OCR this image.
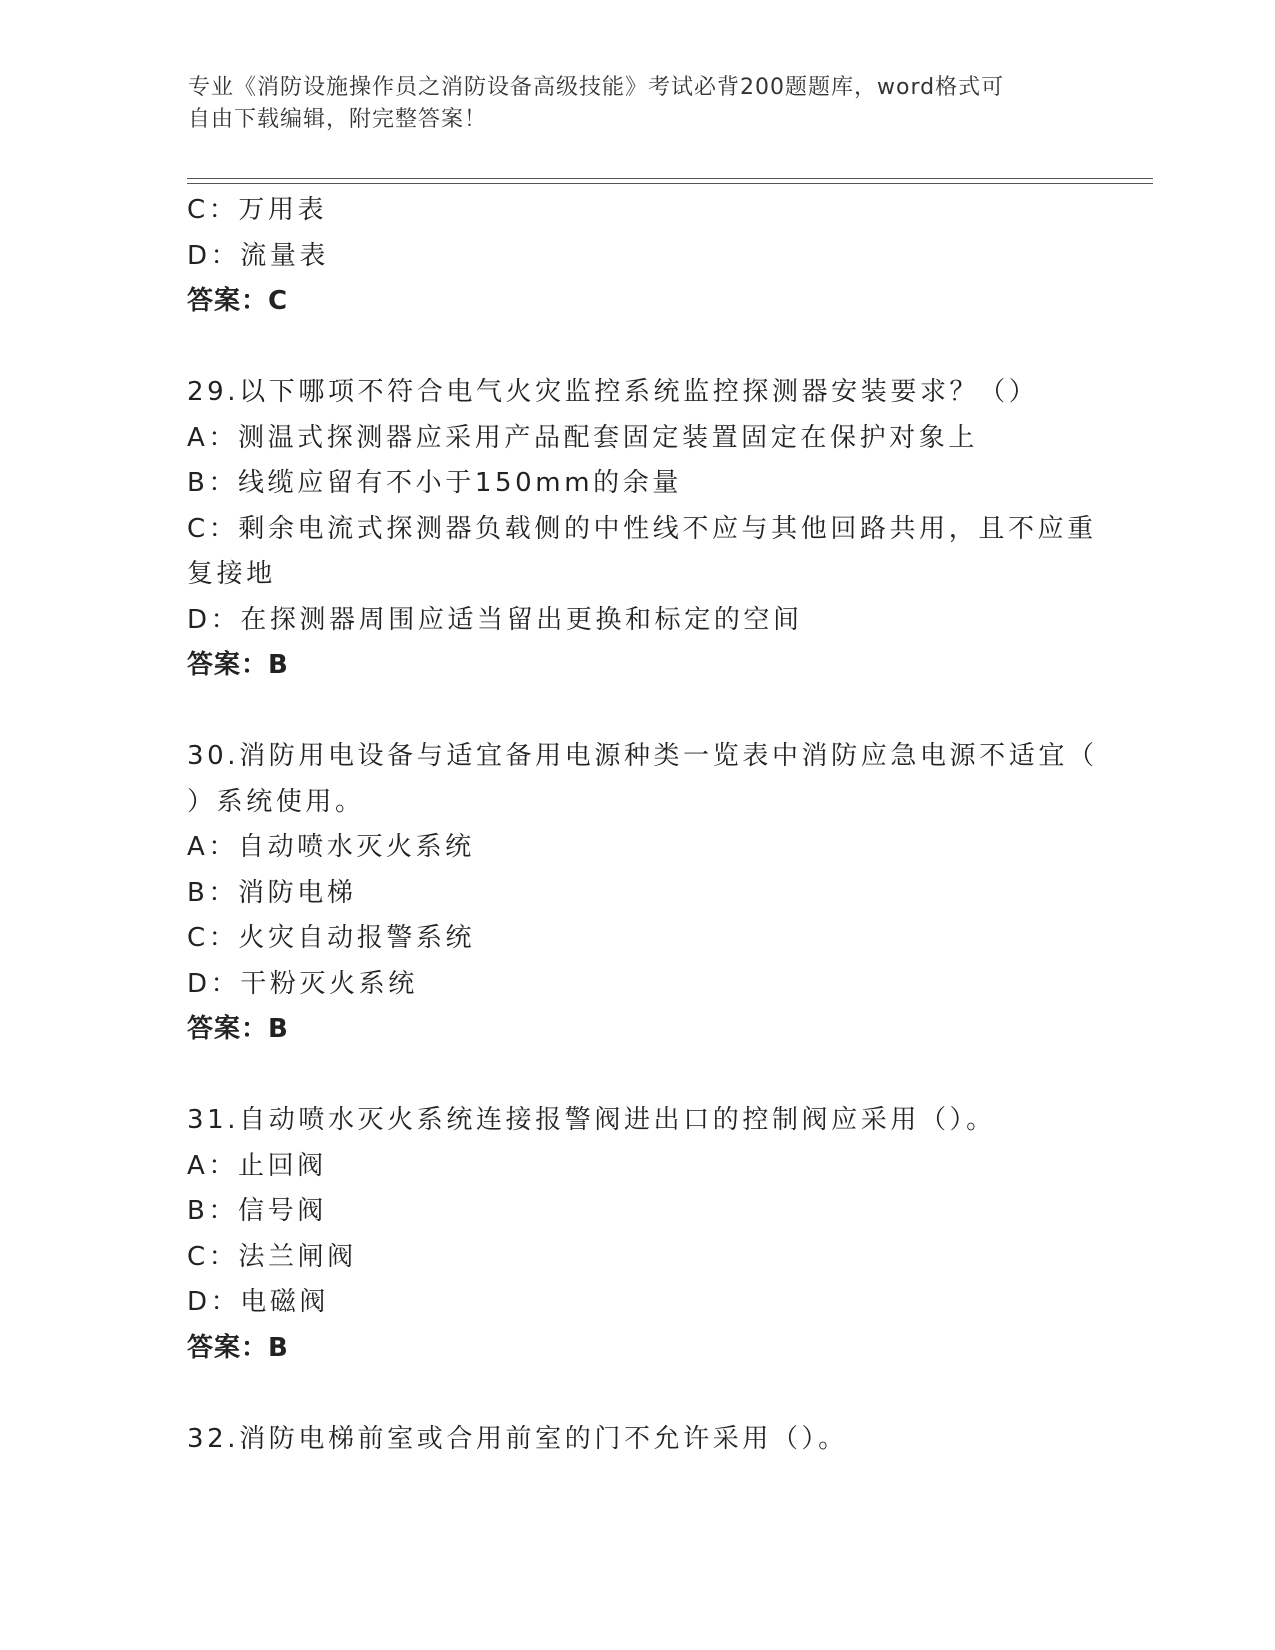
专业《消防设施操作员之消防设备高级技能》考试必背200题题库，word格式可
自由下载编辑，附完整答案！
C：万用表
D：流量表
答案：C
29.以下哪项不符合电气火灾监控系统监控探测器安装要求？（）
A：测温式探测器应采用产品配套固定装置固定在保护对象上
B：线缆应留有不小于150mm的余量
C：剩余电流式探测器负载侧的中性线不应与其他回路共用，且不应重
复接地
D：在探测器周围应适当留出更换和标定的空间
答案：B
30.消防用电设备与适宜备用电源种类一览表中消防应急电源不适宜（
）系统使用。
A：自动喷水灭火系统
B：消防电梯
C：火灾自动报警系统
D：干粉灭火系统
答案：B
31.自动喷水灭火系统连接报警阀进出口的控制阀应采用（）。
A：止回阀
B：信号阀
C：法兰闸阀
D：电磁阀
答案：B
32.消防电梯前室或合用前室的门不允许采用（）。
